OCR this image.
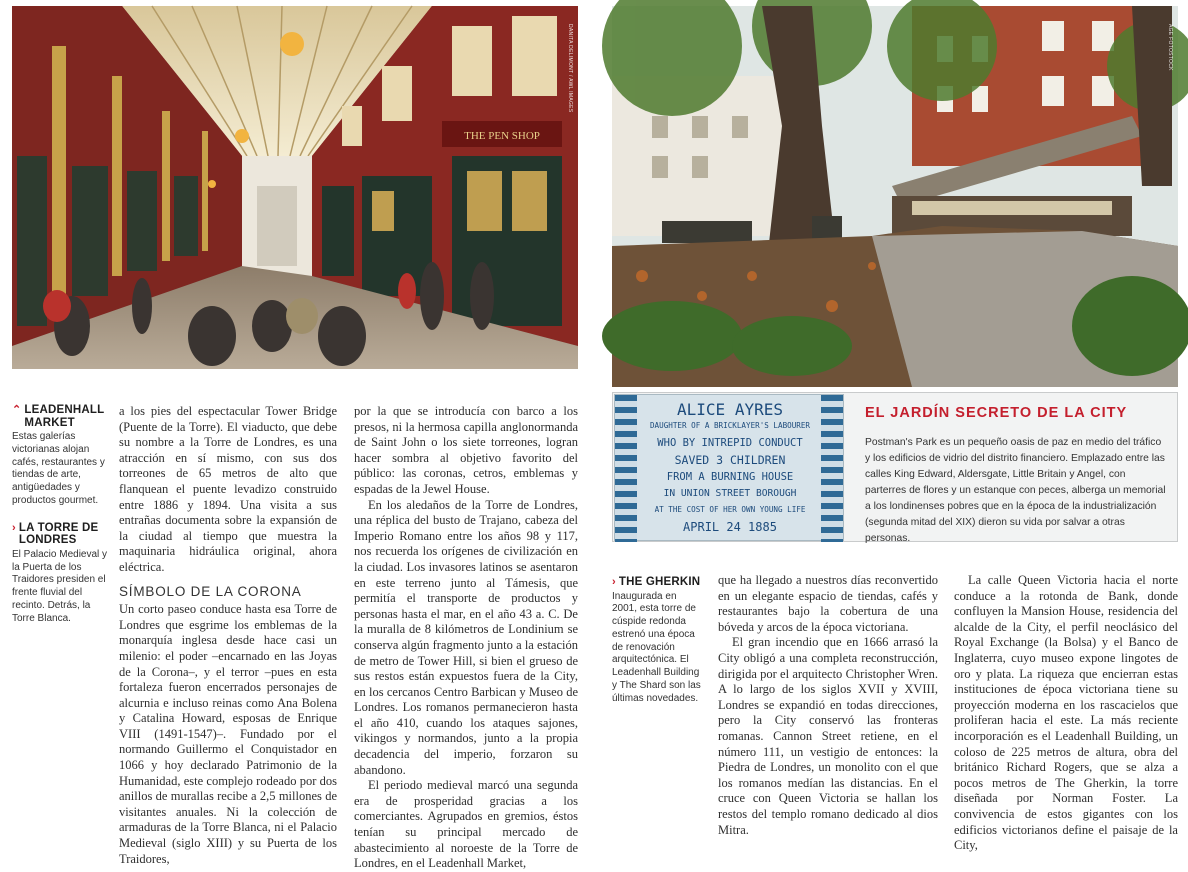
THE PEN SHOP
DANITA DELIMONT / AWL IMAGES	AGE FOTOSTOCK
⌃ LEADENHALL MARKET
Estas galerías victorianas alojan cafés, restaurantes y tiendas de arte, antigüedades y productos gourmet.
› LA TORRE DE LONDRES
El Palacio Medieval y la Puerta de los Traidores presiden el frente fluvial del recinto. Detrás, la Torre Blanca.

a los pies del espectacular Tower Bridge (Puente de la Torre). El viaducto, que debe su nombre a la Torre de Londres, es una atracción en sí mismo, con sus dos torreones de 65 metros de alto que flanquean el puente levadizo construido entre 1886 y 1894. Una visita a sus entrañas documenta sobre la expansión de la ciudad al tiempo que muestra la maquinaria hidráulica original, ahora eléctrica.

SÍMBOLO DE LA CORONA

Un corto paseo conduce hasta esa Torre de Londres que esgrime los emblemas de la monarquía inglesa desde hace casi un milenio: el poder –encarnado en las Joyas de la Corona–, y el terror –pues en esta fortaleza fueron encerrados personajes de alcurnia e incluso reinas como Ana Bolena y Catalina Howard, esposas de Enrique VIII (1491-1547)–. Fundado por el normando Guillermo el Conquistador en 1066 y hoy declarado Patrimonio de la Humanidad, este complejo rodeado por dos anillos de murallas recibe a 2,5 millones de visitantes anuales. Ni la colección de armaduras de la Torre Blanca, ni el Palacio Medieval (siglo XIII) y su Puerta de los Traidores,

por la que se introducía con barco a los presos, ni la hermosa capilla anglonormanda de Saint John o los siete torreones, logran hacer sombra al objetivo favorito del público: las coronas, cetros, emblemas y espadas de la Jewel House.

En los aledaños de la Torre de Londres, una réplica del busto de Trajano, cabeza del Imperio Romano entre los años 98 y 117, nos recuerda los orígenes de civilización en la ciudad. Los invasores latinos se asentaron en este terreno junto al Támesis, que permitía el transporte de productos y personas hasta el mar, en el año 43 a. C. De la muralla de 8 kilómetros de Londinium se conserva algún fragmento junto a la estación de metro de Tower Hill, si bien el grueso de sus restos están expuestos fuera de la City, en los cercanos Centro Barbican y Museo de Londres. Los romanos permanecieron hasta el año 410, cuando los ataques sajones, vikingos y normandos, junto a la propia decadencia del imperio, forzaron su abandono.

El periodo medieval marcó una segunda era de prosperidad gracias a los comerciantes. Agrupados en gremios, éstos tenían su principal mercado de abastecimiento al noroeste de la Torre de Londres, en el Leadenhall Market,

ALICE AYRES
DAUGHTER OF A BRICKLAYER'S LABOURER
WHO BY INTREPID CONDUCT
SAVED 3 CHILDREN
FROM A BURNING HOUSE
IN UNION STREET BOROUGH
AT THE COST OF HER OWN YOUNG LIFE
APRIL 24 1885
EL JARDÍN SECRETO DE LA CITY
Postman's Park es un pequeño oasis de paz en medio del tráfico y los edificios de vidrio del distrito financiero. Emplazado entre las calles King Edward, Aldersgate, Little Britain y Angel, con parterres de flores y un estanque con peces, alberga un memorial a los londinenses pobres que en la época de la industrialización (segunda mitad del XIX) dieron su vida por salvar a otras personas.
› THE GHERKIN
Inaugurada en 2001, esta torre de cúspide redonda estrenó una época de renovación arquitectónica. El Leadenhall Building y The Shard son las últimas novedades.

que ha llegado a nuestros días reconvertido en un elegante espacio de tiendas, cafés y restaurantes bajo la cobertura de una bóveda y arcos de la época victoriana.

El gran incendio que en 1666 arrasó la City obligó a una completa reconstrucción, dirigida por el arquitecto Christopher Wren. A lo largo de los siglos XVII y XVIII, Londres se expandió en todas direcciones, pero la City conservó las fronteras romanas. Cannon Street retiene, en el número 111, un vestigio de entonces: la Piedra de Londres, un monolito con el que los romanos medían las distancias. En el cruce con Queen Victoria se hallan los restos del templo romano dedicado al dios Mitra.

La calle Queen Victoria hacia el norte conduce a la rotonda de Bank, donde confluyen la Mansion House, residencia del alcalde de la City, el perfil neoclásico del Royal Exchange (la Bolsa) y el Banco de Inglaterra, cuyo museo expone lingotes de oro y plata. La riqueza que encierran estas instituciones de época victoriana tiene su proyección moderna en los rascacielos que proliferan hacia el este. La más reciente incorporación es el Leadenhall Building, un coloso de 225 metros de altura, obra del británico Richard Rogers, que se alza a pocos metros de The Gherkin, la torre diseñada por Norman Foster. La convivencia de estos gigantes con los edificios victorianos define el paisaje de la City,
